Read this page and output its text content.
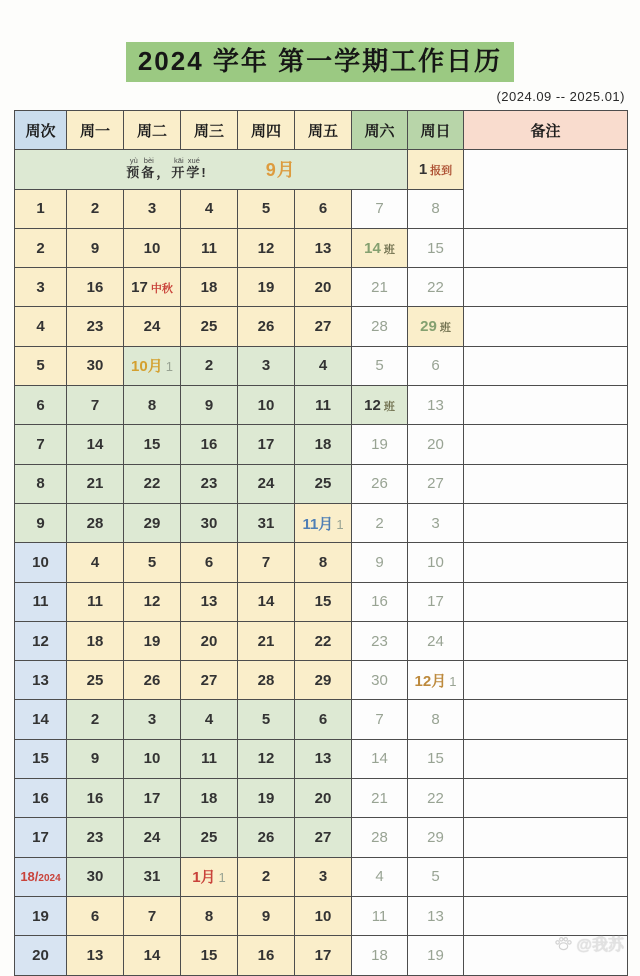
2024 学年 第一学期工作日历
(2024.09 -- 2025.01)
周次	周一	周二	周三	周四	周五	周六	周日	备注

预yù备bèi，开kāi学xué! 9月							1 报到	
1	2	3	4	5	6	7	8	
2	9	10	11	12	13	14 班	15	
3	16	17 中秋	18	19	20	21	22	
4	23	24	25	26	27	28	29 班	
5	30	10月 1	2	3	4	5	6	
6	7	8	9	10	11	12 班	13	
7	14	15	16	17	18	19	20	
8	21	22	23	24	25	26	27	
9	28	29	30	31	11月 1	2	3	
10	4	5	6	7	8	9	10	
11	11	12	13	14	15	16	17	
12	18	19	20	21	22	23	24	
13	25	26	27	28	29	30	12月 1	
14	2	3	4	5	6	7	8	
15	9	10	11	12	13	14	15	
16	16	17	18	19	20	21	22	
17	23	24	25	26	27	28	29	
18/2024	30	31	1月 1	2	3	4	5	
19	6	7	8	9	10	11	13	
20	13	14	15	16	17	18	19	
@我苏
